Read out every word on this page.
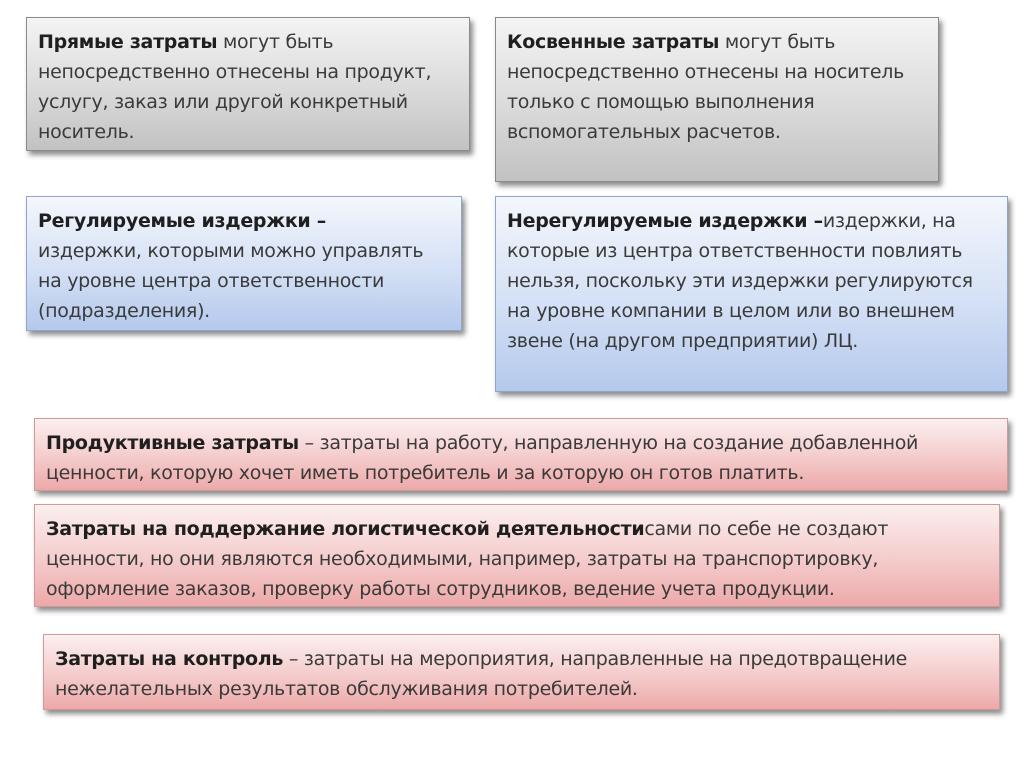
Прямые затраты могут быть непосредственно отнесены на продукт, услугу, заказ или другой конкретный носитель.
Косвенные затраты могут быть непосредственно отнесены на носитель только с помощью выполнения вспомогательных расчетов.
Регулируемые издержки –
издержки, которыми можно управлять на уровне центра ответственности (подразделения).
Нерегулируемые издержки –издержки, на которые из центра ответственности повлиять нельзя, поскольку эти издержки регулируются на уровне компании в целом или во внешнем звене (на другом предприятии) ЛЦ.
Продуктивные затраты – затраты на работу, направленную на создание добавленной ценности, которую хочет иметь потребитель и за которую он готов платить.
Затраты на поддержание логистической деятельностисами по себе не создают ценности, но они являются необходимыми, например, затраты на транспортировку, оформление заказов, проверку работы сотрудников, ведение учета продукции.
Затраты на контроль – затраты на мероприятия, направленные на предотвращение нежелательных результатов обслуживания потребителей.
